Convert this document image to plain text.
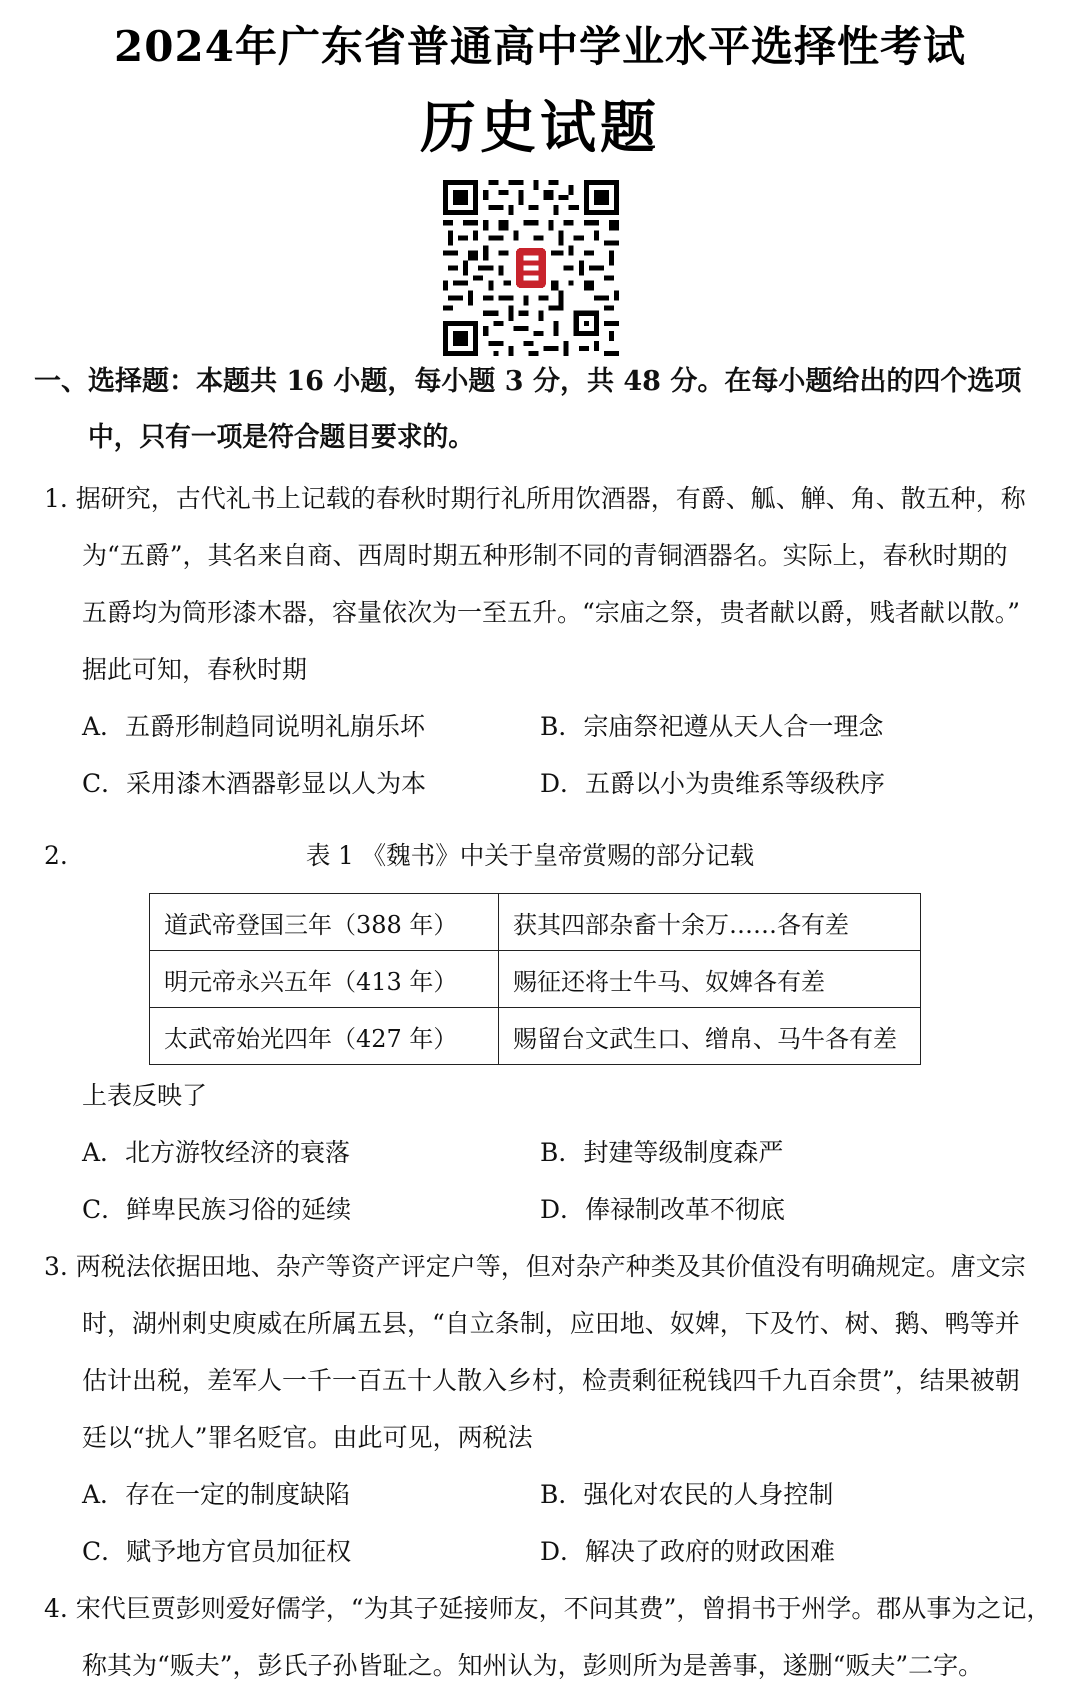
2024年广东省普通高中学业水平选择性考试
历史试题
一、选择题：本题共 16 小题，每小题 3 分，共 48 分。在每小题给出的四个选项
中，只有一项是符合题目要求的。
1. 据研究，古代礼书上记载的春秋时期行礼所用饮酒器，有爵、觚、觯、角、散五种，称
为“五爵”，其名来自商、西周时期五种形制不同的青铜酒器名。实际上，春秋时期的
五爵均为筒形漆木器，容量依次为一至五升。“宗庙之祭，贵者献以爵，贱者献以散。”
据此可知，春秋时期
A．五爵形制趋同说明礼崩乐坏	B．宗庙祭祀遵从天人合一理念
C．采用漆木酒器彰显以人为本	D．五爵以小为贵维系等级秩序
2.	表 1 《魏书》中关于皇帝赏赐的部分记载
道武帝登国三年（388 年）	获其四部杂畜十余万……各有差
明元帝永兴五年（413 年）	赐征还将士牛马、奴婢各有差
太武帝始光四年（427 年）	赐留台文武生口、缯帛、马牛各有差
上表反映了
A．北方游牧经济的衰落	B．封建等级制度森严
C．鲜卑民族习俗的延续	D．俸禄制改革不彻底
3. 两税法依据田地、杂产等资产评定户等，但对杂产种类及其价值没有明确规定。唐文宗
时，湖州刺史庾威在所属五县，“自立条制，应田地、奴婢，下及竹、树、鹅、鸭等并
估计出税，差军人一千一百五十人散入乡村，检责剩征税钱四千九百余贯”，结果被朝
廷以“扰人”罪名贬官。由此可见，两税法
A．存在一定的制度缺陷	B．强化对农民的人身控制
C．赋予地方官员加征权	D．解决了政府的财政困难
4. 宋代巨贾彭则爱好儒学，“为其子延接师友，不问其费”，曾捐书于州学。郡从事为之记，
称其为“贩夫”，彭氏子孙皆耻之。知州认为，彭则所为是善事，遂删“贩夫”二字。
